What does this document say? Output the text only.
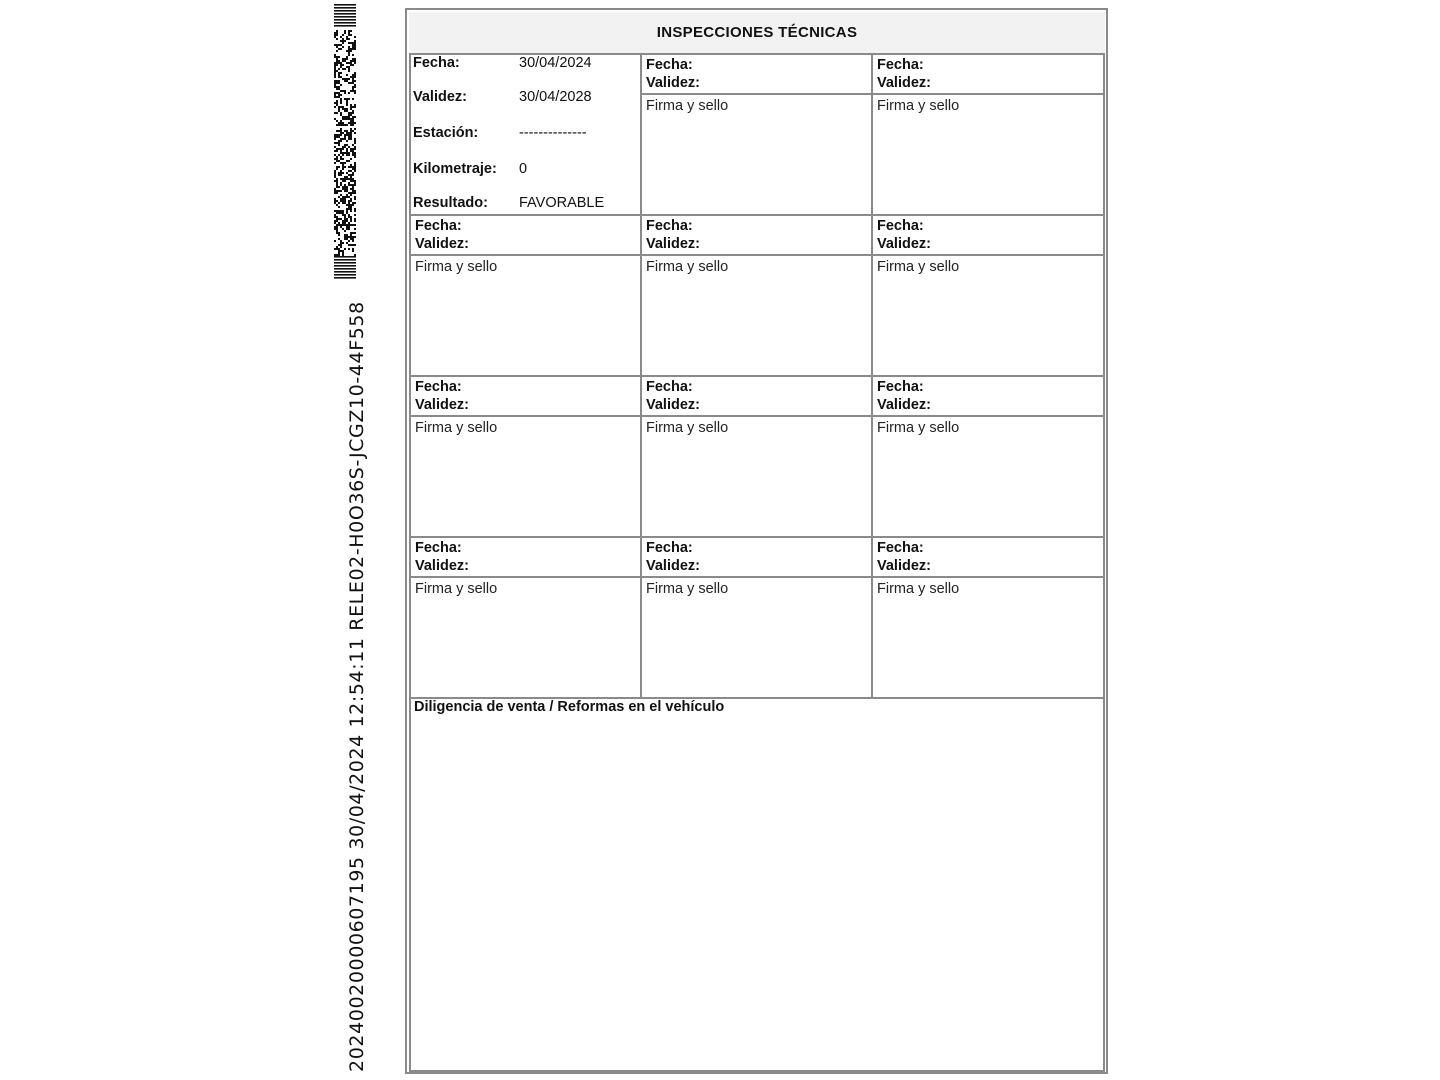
20240020000607195 30/04/2024 12:54:11 RELE02-H0O36S-JCGZ10-44F558
INSPECCIONES TÉCNICAS
Fecha:	30/04/2024
Validez:	30/04/2028
Estación:	--------------
Kilometraje: 0
Resultado: FAVORABLE
Fecha:
Validez:
Firma y sello
Fecha:
Validez:
Firma y sello
Fecha:
Validez:
Firma y sello
Fecha:
Validez:
Firma y sello
Fecha:
Validez:
Firma y sello
Fecha:
Validez:
Firma y sello
Fecha:
Validez:
Firma y sello
Fecha:
Validez:
Firma y sello
Fecha:
Validez:
Firma y sello
Fecha:
Validez:
Firma y sello
Fecha:
Validez:
Firma y sello
Diligencia de venta / Reformas en el vehículo
